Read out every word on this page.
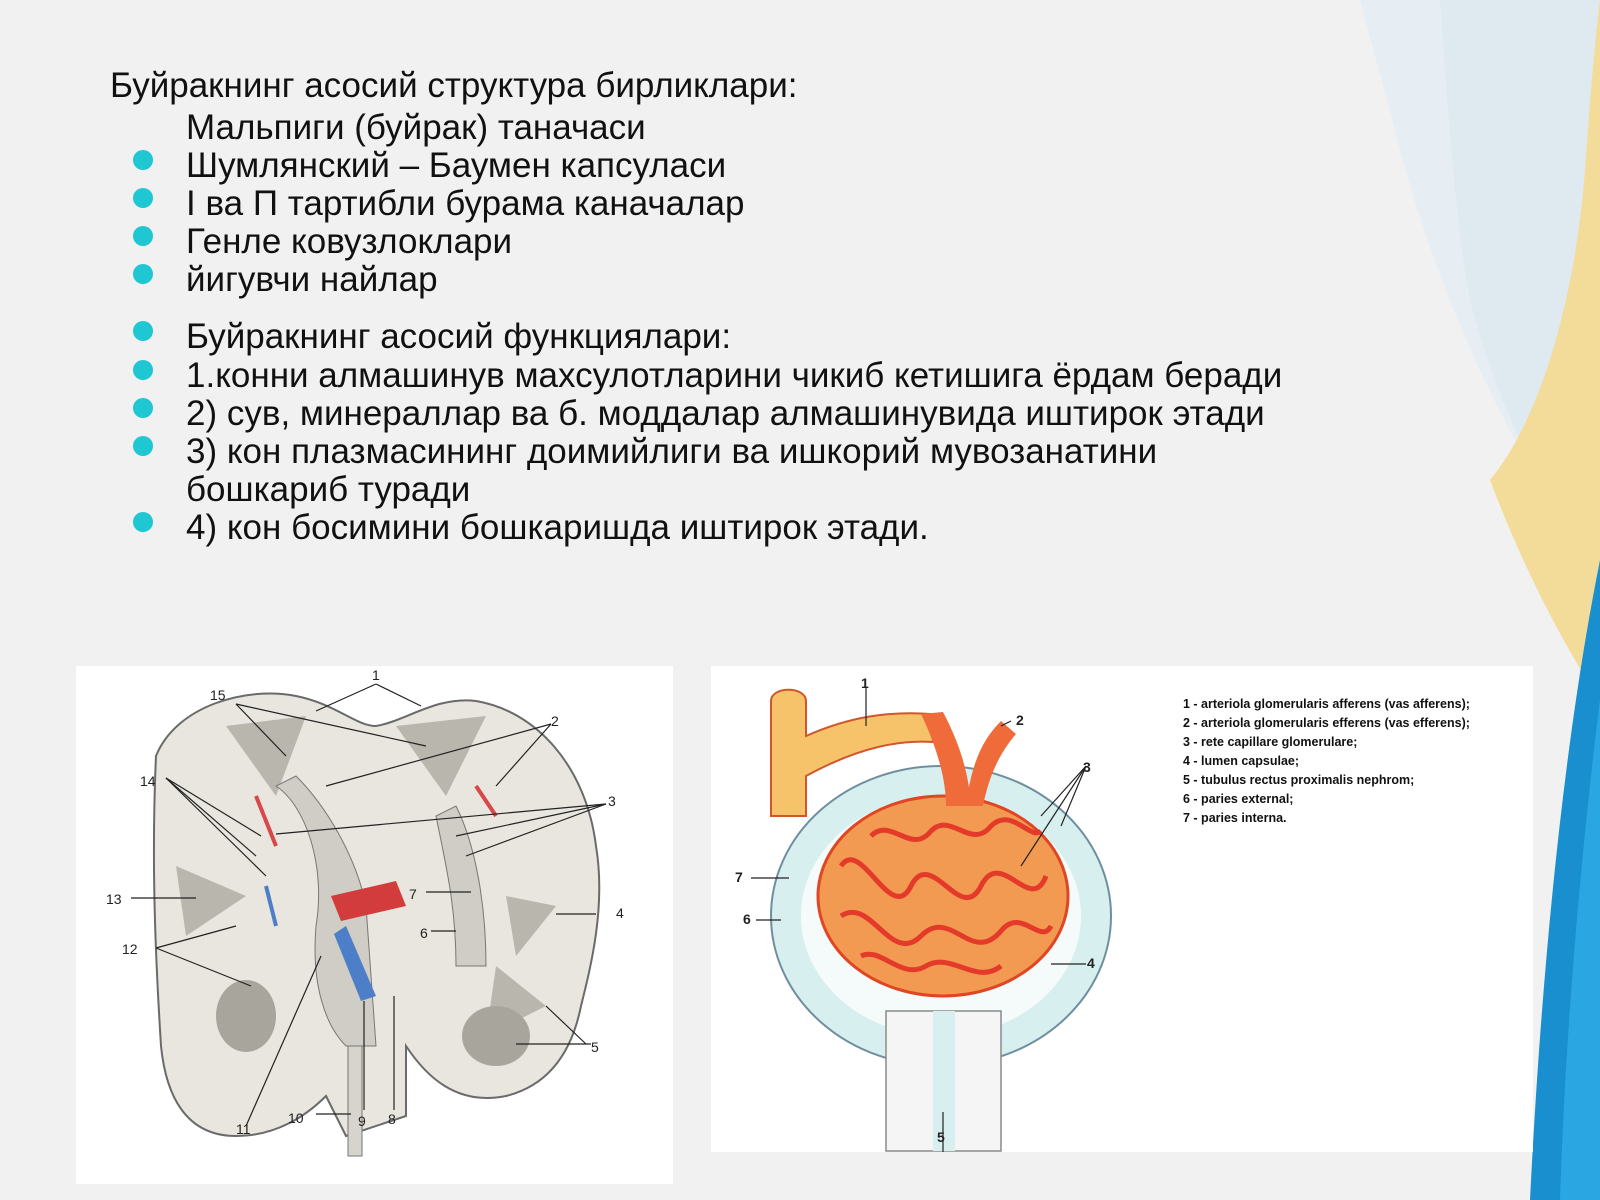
Буйракнинг асосий структура бирликлари:
Мальпиги (буйрак) таначаси
Шумлянский – Баумен капсуласи
I ва П тартибли бурама каначалар
Генле ковузлоклари
йигувчи найлар
Буйракнинг асосий функциялари:
1.конни алмашинув махсулотларини чикиб кетишига ёрдам беради
2) сув, минераллар ва б. моддалар алмашинувида иштирок этади
3) кон плазмасининг доимийлиги ва ишкорий мувозанатини
бошкариб туради
4) кон босимини бошкаришда иштирок этади.
1
2
3
4
5
6
7
8
9
10
11
12
13
14
15
1
2
3
4
5
6
7
1 - arteriola glomerularis afferens (vas afferens);
2 - arteriola glomerularis efferens (vas efferens);
3 - rete capillare glomerulare;
4 - lumen capsulae;
5 - tubulus rectus proximalis nephrom;
6 - paries external;
7 - paries interna.
